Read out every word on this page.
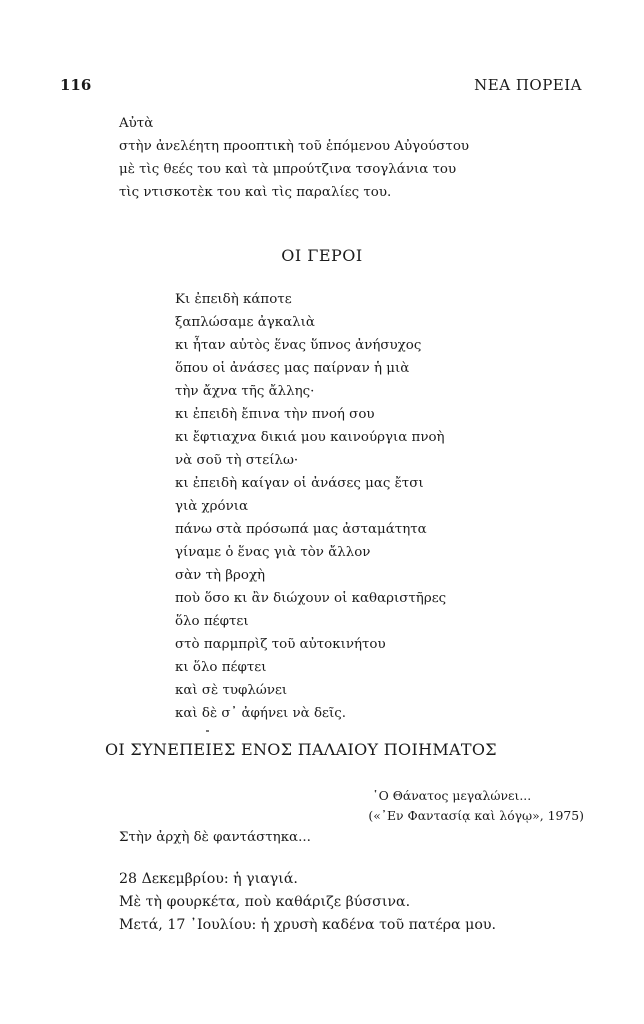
116	ΝΕΑ ΠΟΡΕΙΑ
Αὐτὰ
στὴν ἀνελέητη προοπτικὴ τοῦ ἑπόμενου Αὐγούστου
μὲ τὶς θεές του καὶ τὰ μπρούτζινα τσογλάνια του
τὶς ντισκοτὲκ του καὶ τὶς παραλίες του.
ΟΙ ΓΕΡΟΙ
Κι ἐπειδὴ κάποτε
ξαπλώσαμε ἀγκαλιὰ
κι ἦταν αὐτὸς ἕνας ὕπνος ἀνήσυχος
ὅπου οἱ ἀνάσες μας παίρναν ἡ μιὰ
τὴν ἄχνα τῆς ἄλλης·
κι ἐπειδὴ ἔπινα τὴν πνοή σου
κι ἔφτιαχνα δικιά μου καινούργια πνοὴ
νὰ σοῦ τὴ στείλω·
κι ἐπειδὴ καίγαν οἱ ἀνάσες μας ἔτσι
γιὰ χρόνια
πάνω στὰ πρόσωπά μας ἀσταμάτητα
γίναμε ὁ ἕνας γιὰ τὸν ἄλλον
σὰν τὴ βροχὴ
ποὺ ὅσο κι ἂν διώχουν οἱ καθαριστῆρες
ὅλο πέφτει
στὸ παρμπρὶζ τοῦ αὐτοκινήτου
κι ὅλο πέφτει
καὶ σὲ τυφλώνει
καὶ δὲ σ᾽ ἀφήνει νὰ δεῖς.
ΟΙ ΣΥΝΕΠΕΙΕΣ ΕΝΟΣ ΠΑΛΑΙΟΥ ΠΟΙΗΜΑΤΟΣ
῾Ο Θάνατος μεγαλώνει...
(«᾿Εν Φαντασίᾳ καὶ λόγῳ», 1975)
Στὴν ἀρχὴ δὲ φαντάστηκα...
28 Δεκεμβρίου: ἡ γιαγιά.
Μὲ τὴ φουρκέτα, ποὺ καθάριζε βύσσινα.
Μετά, 17 ᾿Ιουλίου: ἡ χρυσὴ καδένα τοῦ πατέρα μου.
